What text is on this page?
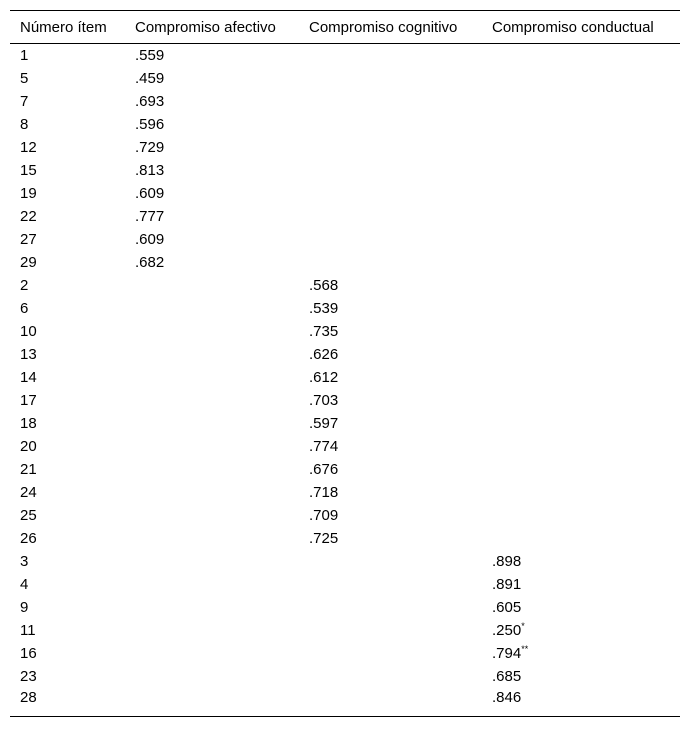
Número ítem	Compromiso afectivo	Compromiso cognitivo	Compromiso conductual
1	.559		
5	.459		
7	.693		
8	.596		
12	.729		
15	.813		
19	.609		
22	.777		
27	.609		
29	.682		
2		.568	
6		.539	
10		.735	
13		.626	
14		.612	
17		.703	
18		.597	
20		.774	
21		.676	
24		.718	
25		.709	
26		.725	
3			.898
4			.891
9			.605
11			.250*
16			.794**
23			.685
28			.846
